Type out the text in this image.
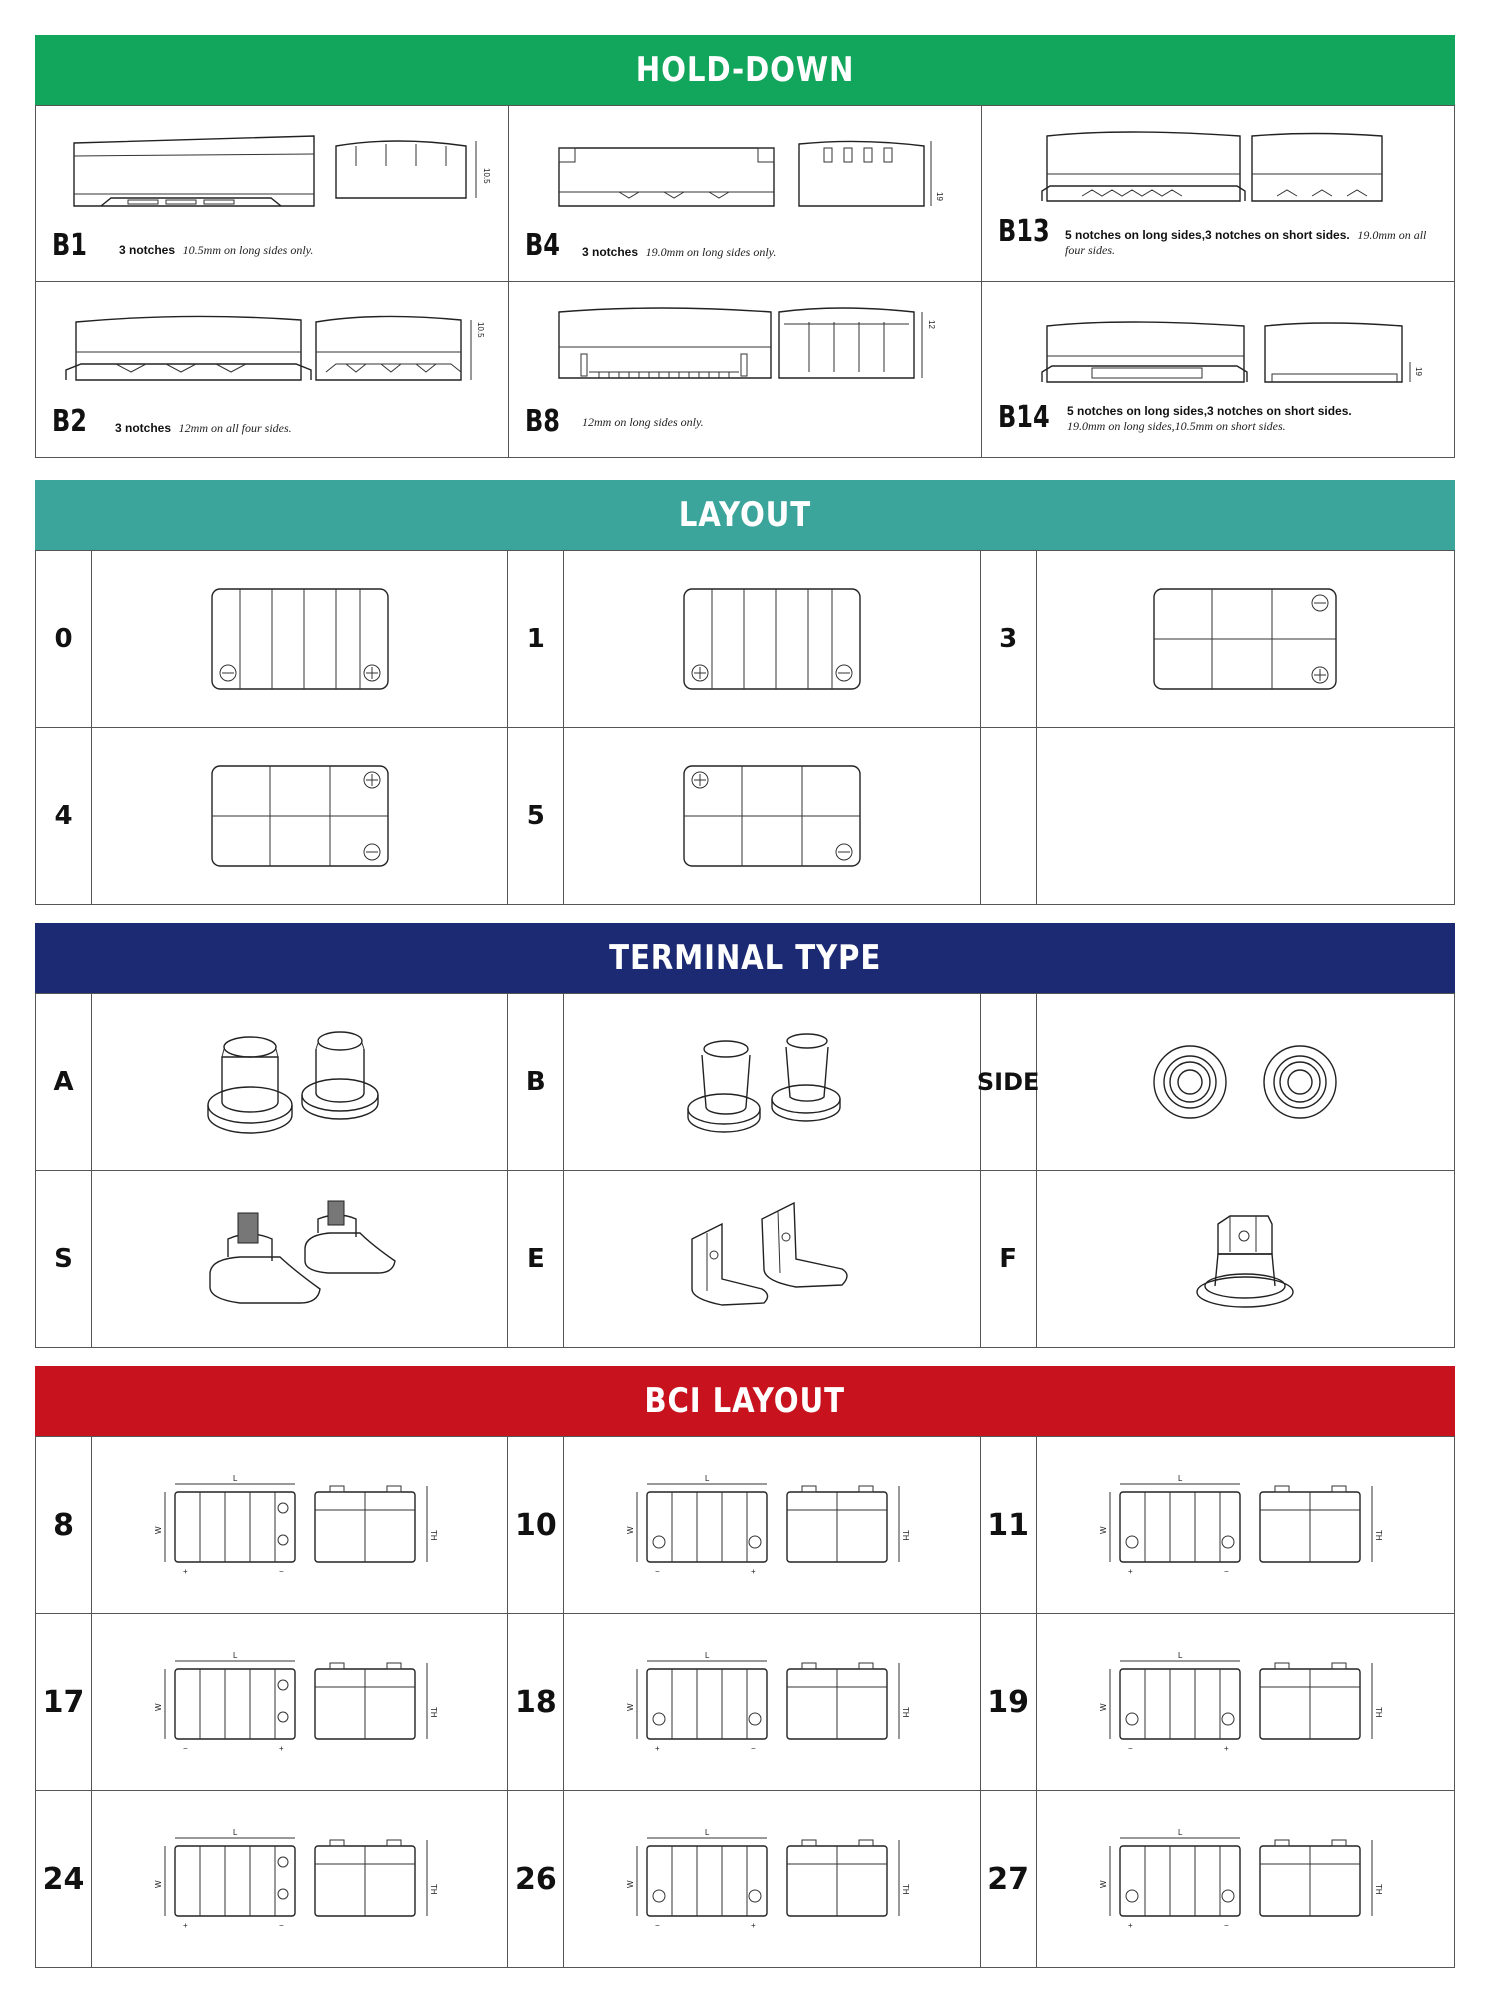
HOLD-DOWN
10.5
B1	3 notches 10.5mm on long sides only.
19
B4 3 notches 19.0mm on long sides only.
B13 5 notches on long sides,3 notches on short sides. 19.0mm on all four sides.
10.5
B2 3 notches 12mm on all four sides.
12
B8 12mm on long sides only.
19
B14 5 notches on long sides,3 notches on short sides.
19.0mm on long sides,10.5mm on short sides.
LAYOUT
0	1	3
4	5
TERMINAL TYPE
A	B	SIDE
S	E	F
BCI LAYOUT
8
L
W
+	−
TH	10
L
W
−	+
TH	11
L
W
+	−
TH
17
L
W
−	+
TH	18
L
W
+	−
TH	19
L
W
−	+
TH
24
L
W
+	−
TH	26
L
W
−	+
TH	27
L
W
+	−
TH
